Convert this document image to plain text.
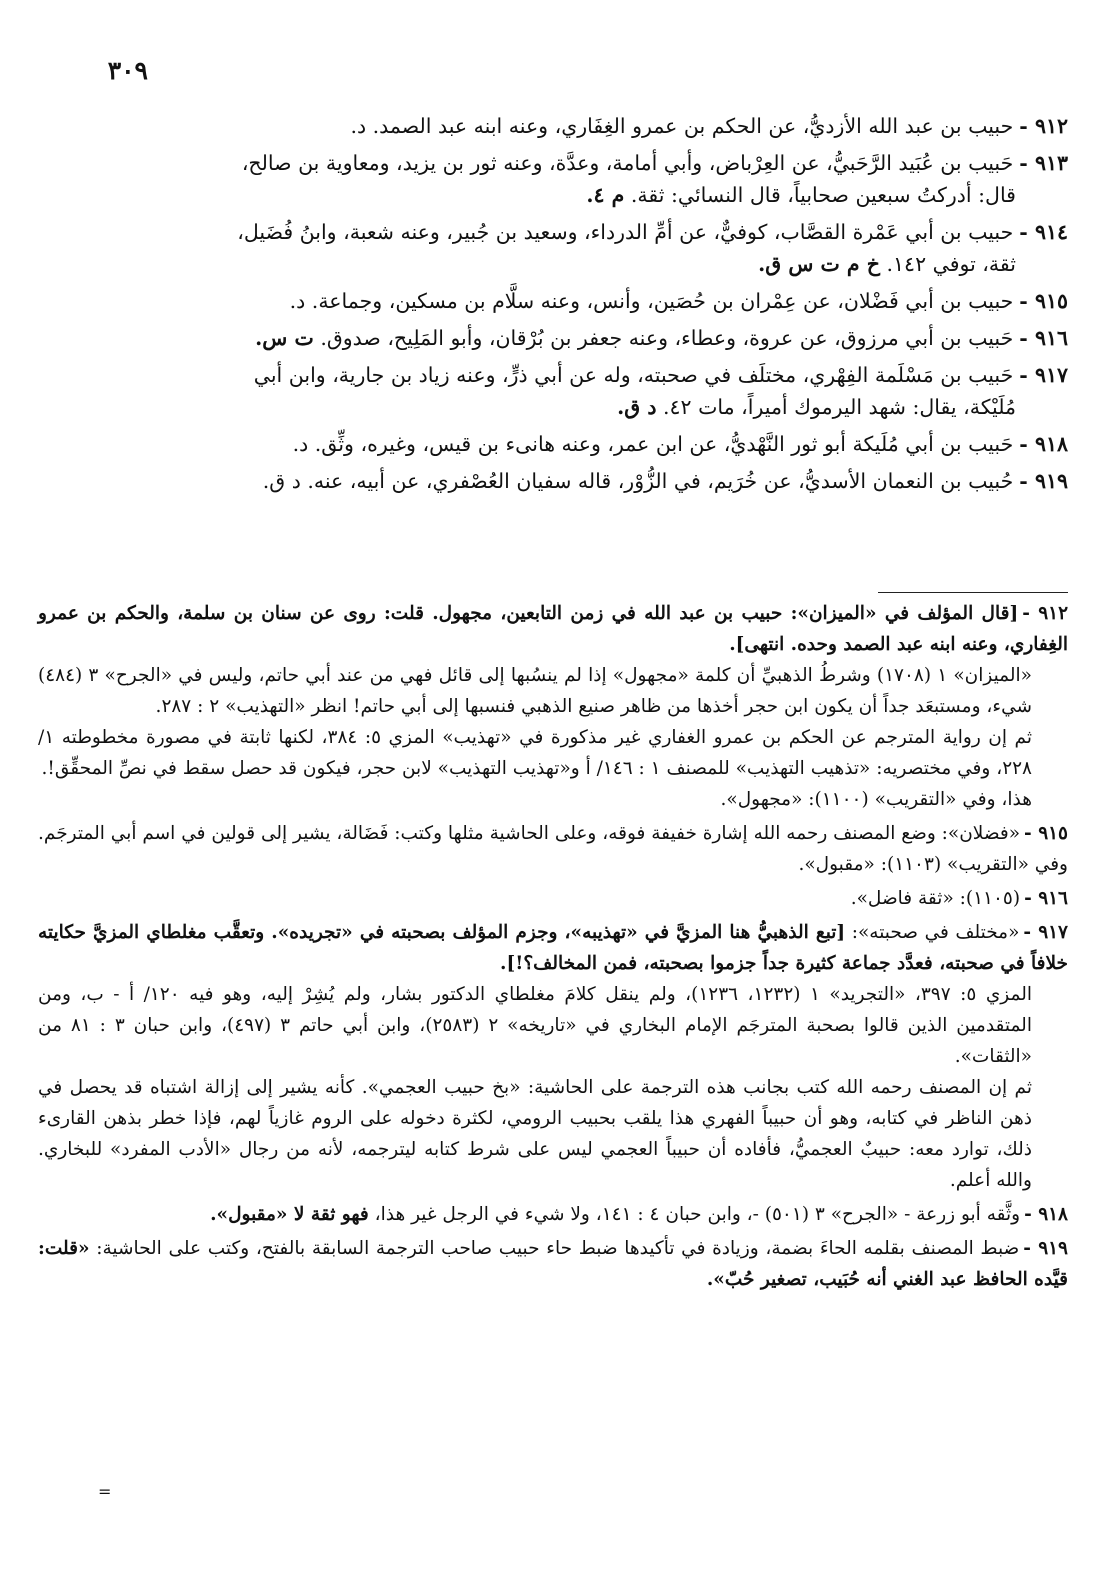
٣٠٩
٩١٢ -حبيب بن عبد الله الأزديُّ، عن الحكم بن عمرو الغِفَاري، وعنه ابنه عبد الصمد. د.
٩١٣ -حَبيب بن عُبَيد الرَّحَبيُّ، عن العِرْباض، وأبي أمامة، وعدَّة، وعنه ثور بن يزيد، ومعاوية بن صالح،
قال: أدركتُ سبعين صحابياً، قال النسائي: ثقة. م ٤.
٩١٤ -حبيب بن أبي عَمْرة القصَّاب، كوفيٌّ، عن أمِّ الدرداء، وسعيد بن جُبير، وعنه شعبة، وابنُ فُضَيل،
ثقة، توفي ١٤٢. خ م ت س ق.
٩١٥ -حبيب بن أبي فَضْلان، عن عِمْران بن حُصَين، وأنس، وعنه سلَّام بن مسكين، وجماعة. د.
٩١٦ -حَبيب بن أبي مرزوق، عن عروة، وعطاء، وعنه جعفر بن بُرْقان، وأبو المَلِيح، صدوق. ت س.
٩١٧ -حَبيب بن مَسْلَمة الفِهْري، مختلَف في صحبته، وله عن أبي ذرٍّ، وعنه زياد بن جارية، وابن أبي
مُلَيْكة، يقال: شهد اليرموك أميراً، مات ٤٢. د ق.
٩١٨ -حَبيب بن أبي مُلَيكة أبو ثور النَّهْديُّ، عن ابن عمر، وعنه هانىء بن قيس، وغيره، وثِّق. د.
٩١٩ -حُبيب بن النعمان الأسديُّ، عن خُرَيم، في الزُّوْر، قاله سفيان العُصْفري، عن أبيه، عنه. د ق.
٩١٢ -[قال المؤلف في «الميزان»: حبيب بن عبد الله في زمن التابعين، مجهول. قلت: روى عن سنان بن سلمة، والحكم بن عمرو الغِفاري، وعنه ابنه عبد الصمد وحده. انتهى].
«الميزان» ١ (١٧٠٨) وشرطُ الذهبيِّ أن كلمة «مجهول» إذا لم ينسُبها إلى قائل فهي من عند أبي حاتم، وليس في «الجرح» ٣ (٤٨٤) شيء، ومستبعَد جداً أن يكون ابن حجر أخذها من ظاهر صنيع الذهبي فنسبها إلى أبي حاتم! انظر «التهذيب» ٢ : ٢٨٧.
ثم إن رواية المترجم عن الحكم بن عمرو الغفاري غير مذكورة في «تهذيب» المزي ٥: ٣٨٤، لكنها ثابتة في مصورة مخطوطته ١/ ٢٢٨، وفي مختصريه: «تذهيب التهذيب» للمصنف ١ : ١٤٦/ أ و«تهذيب التهذيب» لابن حجر، فيكون قد حصل سقط في نصِّ المحقِّق!.
هذا، وفي «التقريب» (١١٠٠): «مجهول».
٩١٥ -«فضلان»: وضع المصنف رحمه الله إشارة خفيفة فوقه، وعلى الحاشية مثلها وكتب: فَضَالة، يشير إلى قولين في اسم أبي المترجَم. وفي «التقريب» (١١٠٣): «مقبول».
٩١٦ -(١١٠٥): «ثقة فاضل».
٩١٧ -«مختلف في صحبته»: [تبع الذهبيُّ هنا المزيَّ في «تهذيبه»، وجزم المؤلف بصحبته في «تجريده». وتعقَّب مغلطاي المزيَّ حكايته خلافاً في صحبته، فعدَّد جماعة كثيرة جداً جزموا بصحبته، فمن المخالف؟!].
المزي ٥: ٣٩٧، «التجريد» ١ (١٢٣٢، ١٢٣٦)، ولم ينقل كلامَ مغلطاي الدكتور بشار، ولم يُشِرْ إليه، وهو فيه ١٢٠/ أ - ب، ومن المتقدمين الذين قالوا بصحبة المترجَم الإمام البخاري في «تاريخه» ٢ (٢٥٨٣)، وابن أبي حاتم ٣ (٤٩٧)، وابن حبان ٣ : ٨١ من «الثقات».
ثم إن المصنف رحمه الله كتب بجانب هذه الترجمة على الحاشية: «بخ حبيب العجمي». كأنه يشير إلى إزالة اشتباه قد يحصل في ذهن الناظر في كتابه، وهو أن حبيباً الفهري هذا يلقب بحبيب الرومي، لكثرة دخوله على الروم غازياً لهم، فإذا خطر بذهن القارىء ذلك، توارد معه: حبيبٌ العجميُّ، فأفاده أن حبيباً العجمي ليس على شرط كتابه ليترجمه، لأنه من رجال «الأدب المفرد» للبخاري. والله أعلم.
٩١٨ -وثَّقه أبو زرعة - «الجرح» ٣ (٥٠١) -، وابن حبان ٤ : ١٤١، ولا شيء في الرجل غير هذا، فهو ثقة لا «مقبول».
٩١٩ -ضبط المصنف بقلمه الحاءَ بضمة، وزيادة في تأكيدها ضبط حاء حبيب صاحب الترجمة السابقة بالفتح، وكتب على الحاشية: «قلت: قيَّده الحافظ عبد الغني أنه حُبَيب، تصغير حُبّ».
=
